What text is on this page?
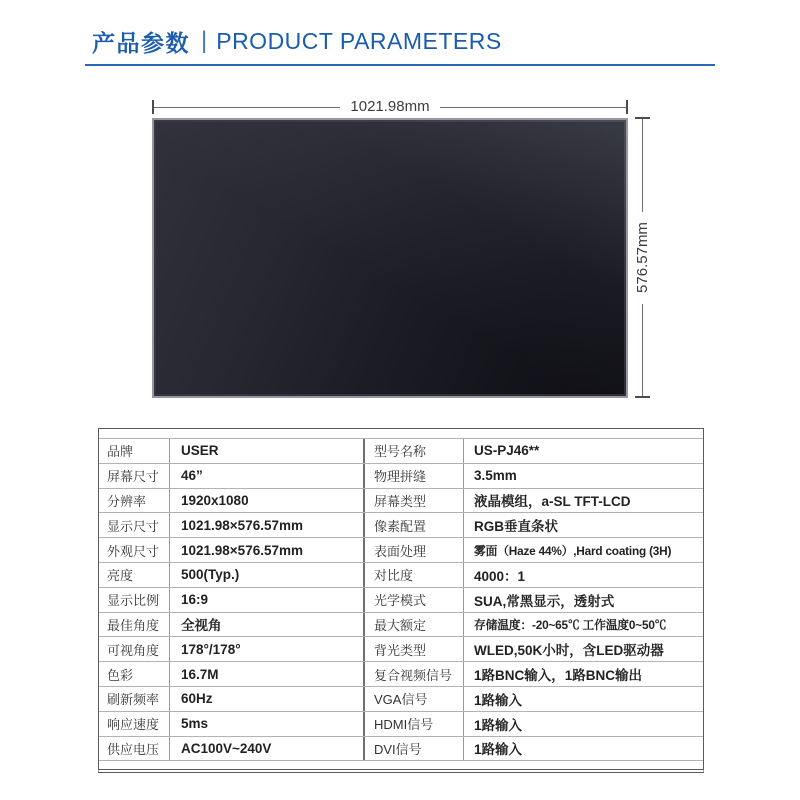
产品参数 | PRODUCT PARAMETERS
1021.98mm
576.57mm
品牌	USER	型号名称	US-PJ46**
屏幕尺寸	46”	物理拼缝	3.5mm
分辨率	1920x1080	屏幕类型	液晶模组，a-SL TFT-LCD
显示尺寸	1021.98×576.57mm	像素配置	RGB垂直条状
外观尺寸	1021.98×576.57mm	表面处理	雾面（Haze 44%）,Hard coating (3H)
亮度	500(Typ.)	对比度	4000：1
显示比例	16:9	光学模式	SUA,常黑显示，透射式
最佳角度	全视角	最大额定	存储温度：-20~65℃ 工作温度0~50℃
可视角度	178°/178°	背光类型	WLED,50K小时，含LED驱动器
色彩	16.7M	复合视频信号	1路BNC输入，1路BNC输出
刷新频率	60Hz	VGA信号	1路输入
响应速度	5ms	HDMI信号	1路输入
供应电压	AC100V~240V	DVI信号	1路输入
